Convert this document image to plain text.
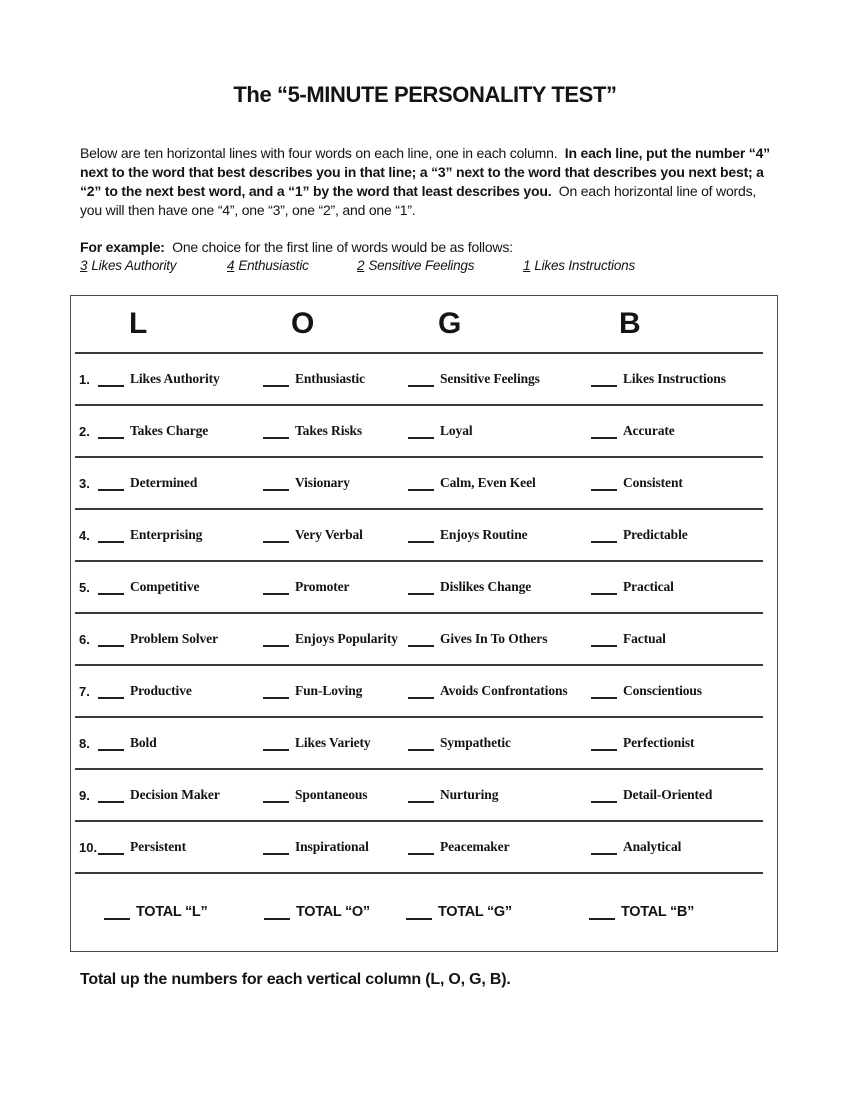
The “5-MINUTE PERSONALITY TEST”
Below are ten horizontal lines with four words on each line, one in each column.  In each line, put the number “4” next to the word that best describes you in that line; a “3” next to the word that describes you next best; a “2” to the next best word, and a “1” by the word that least describes you.  On each horizontal line of words, you will then have one “4”, one “3”, one “2”, and one “1”.
For example:  One choice for the first line of words would be as follows:
3 Likes Authority	4 Enthusiastic	2 Sensitive Feelings	1 Likes Instructions
L	O	G	B
1.	Likes Authority	Enthusiastic	Sensitive Feelings	Likes Instructions
2.	Takes Charge	Takes Risks	Loyal	Accurate
3.	Determined	Visionary	Calm, Even Keel	Consistent
4.	Enterprising	Very Verbal	Enjoys Routine	Predictable
5.	Competitive	Promoter	Dislikes Change	Practical
6.	Problem Solver	Enjoys Popularity	Gives In To Others	Factual
7.	Productive	Fun-Loving	Avoids Confrontations	Conscientious
8.	Bold	Likes Variety	Sympathetic	Perfectionist
9.	Decision Maker	Spontaneous	Nurturing	Detail-Oriented
10. Persistent	Inspirational	Peacemaker	Analytical
TOTAL “L”	TOTAL “O”	TOTAL “G”	TOTAL “B”
Total up the numbers for each vertical column (L, O, G, B).
